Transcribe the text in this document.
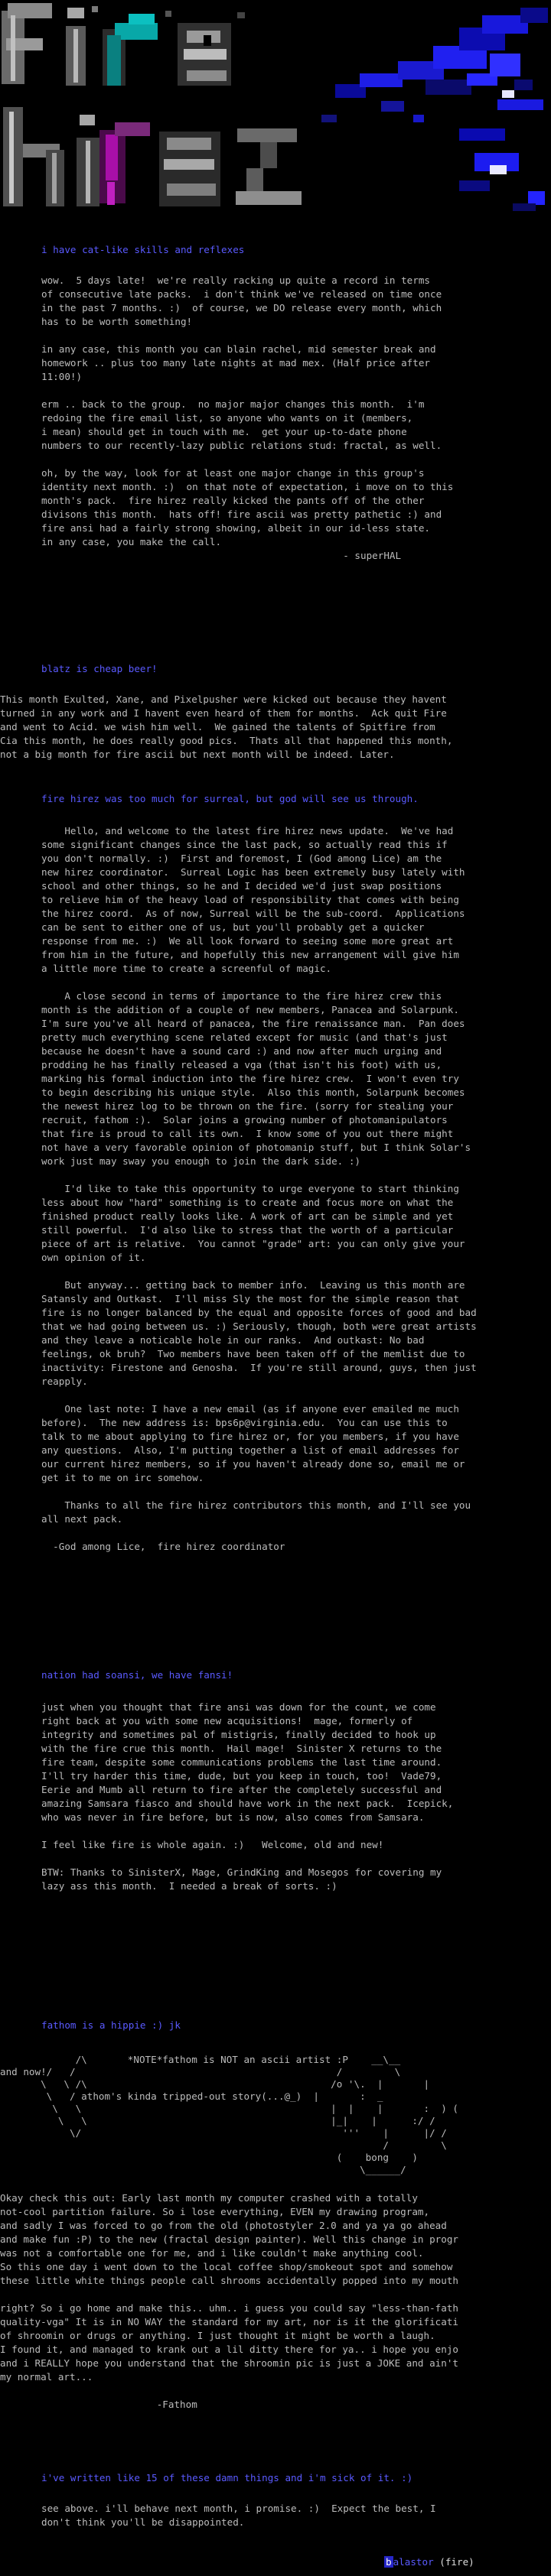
i have cat-like skills and reflexes
wow.  5 days late!  we're really racking up quite a record in terms
of consecutive late packs.  i don't think we've released on time once
in the past 7 months. :)  of course, we DO release every month, which
has to be worth something!

in any case, this month you can blain rachel, mid semester break and
homework .. plus too many late nights at mad mex. (Half price after
11:00!)

erm .. back to the group.  no major major changes this month.  i'm
redoing the fire email list, so anyone who wants on it (members,
i mean) should get in touch with me.  get your up-to-date phone
numbers to our recently-lazy public relations stud: fractal, as well.

oh, by the way, look for at least one major change in this group's
identity next month. :)  on that note of expectation, i move on to this
month's pack.  fire hirez really kicked the pants off of the other
divisons this month.  hats off! fire ascii was pretty pathetic :) and
fire ansi had a fairly strong showing, albeit in our id-less state.
in any case, you make the call.
- superHAL
blatz is cheap beer!
This month Exulted, Xane, and Pixelpusher were kicked out because they havent
turned in any work and I havent even heard of them for months.  Ack quit Fire
and went to Acid. we wish him well.  We gained the talents of Spitfire from
Cia this month, he does really good pics.  Thats all that happened this month,
not a big month for fire ascii but next month will be indeed. Later.
fire hirez was too much for surreal, but god will see us through.
Hello, and welcome to the latest fire hirez news update.  We've had
some significant changes since the last pack, so actually read this if
you don't normally. :)  First and foremost, I (God among Lice) am the
new hirez coordinator.  Surreal Logic has been extremely busy lately with
school and other things, so he and I decided we'd just swap positions
to relieve him of the heavy load of responsibility that comes with being
the hirez coord.  As of now, Surreal will be the sub-coord.  Applications
can be sent to either one of us, but you'll probably get a quicker
response from me. :)  We all look forward to seeing some more great art
from him in the future, and hopefully this new arrangement will give him
a little more time to create a screenful of magic.

A close second in terms of importance to the fire hirez crew this
month is the addition of a couple of new members, Panacea and Solarpunk.
I'm sure you've all heard of panacea, the fire renaissance man.  Pan does
pretty much everything scene related except for music (and that's just
because he doesn't have a sound card :) and now after much urging and
prodding he has finally released a vga (that isn't his foot) with us,
marking his formal induction into the fire hirez crew.  I won't even try
to begin describing his unique style.  Also this month, Solarpunk becomes
the newest hirez log to be thrown on the fire. (sorry for stealing your
recruit, fathom :).  Solar joins a growing number of photomanipulators
that fire is proud to call its own.  I know some of you out there might
not have a very favorable opinion of photomanip stuff, but I think Solar's
work just may sway you enough to join the dark side. :)

I'd like to take this opportunity to urge everyone to start thinking
less about how "hard" something is to create and focus more on what the
finished product really looks like. A work of art can be simple and yet
still powerful.  I'd also like to stress that the worth of a particular
piece of art is relative.  You cannot "grade" art: you can only give your
own opinion of it.

But anyway... getting back to member info.  Leaving us this month are
Satansly and Outkast.  I'll miss Sly the most for the simple reason that
fire is no longer balanced by the equal and opposite forces of good and bad
that we had going between us. :) Seriously, though, both were great artists
and they leave a noticable hole in our ranks.  And outkast: No bad
feelings, ok bruh?  Two members have been taken off of the memlist due to
inactivity: Firestone and Genosha.  If you're still around, guys, then just
reapply.

One last note: I have a new email (as if anyone ever emailed me much
before).  The new address is: bps6p@virginia.edu.  You can use this to
talk to me about applying to fire hirez or, for you members, if you have
any questions.  Also, I'm putting together a list of email addresses for
our current hirez members, so if you haven't already done so, email me or
get it to me on irc somehow.

Thanks to all the fire hirez contributors this month, and I'll see you
all next pack.

-God among Lice,  fire hirez coordinator
nation had soansi, we have fansi!
just when you thought that fire ansi was down for the count, we come
right back at you with some new acquisitions!  mage, formerly of
integrity and sometimes pal of mistigris, finally decided to hook up
with the fire crue this month.  Hail mage!  Sinister X returns to the
fire team, despite some communications problems the last time around.
I'll try harder this time, dude, but you keep in touch, too!  Vade79,
Eerie and Mumb all return to fire after the completely successful and
amazing Samsara fiasco and should have work in the next pack.  Icepick,
who was never in fire before, but is now, also comes from Samsara.

I feel like fire is whole again. :)   Welcome, old and new!

BTW: Thanks to SinisterX, Mage, GrindKing and Mosegos for covering my
lazy ass this month.  I needed a break of sorts. :)
fathom is a hippie :) jk
/\       *NOTE*fathom is NOT an ascii artist :P    __\__
and now!/   /                                             /         \
\   \ /\                                          /o '\.  |       |
\   / athom's kinda tripped-out story(...@_)  |       :  _
\   \                                           |  |    |       :  ) (
\   \                                          |_|    |      :/ /
\/                                             '''    |      |/ /
/         \
(    bong    )
\______/
Okay check this out: Early last month my computer crashed with a totally
not-cool partition failure. So i lose everything, EVEN my drawing program,
and sadly I was forced to go from the old (photostyler 2.0 and ya ya go ahead
and make fun :P) to the new (fractal design painter). Well this change in progr
was not a comfortable one for me, and i like couldn't make anything cool.
So this one day i went down to the local coffee shop/smokeout spot and somehow
these little white things people call shrooms accidentally popped into my mouth

right? So i go home and make this.. uhm.. i guess you could say "less-than-fath
quality-vga" It is in NO WAY the standard for my art, nor is it the glorificati
of shroomin or drugs or anything. I just thought it might be worth a laugh.
I found it, and managed to krank out a lil ditty there for ya.. i hope you enjo
and i REALLY hope you understand that the shroomin pic is just a JOKE and ain't
my normal art...

-Fathom
i've written like 15 of these damn things and i'm sick of it. :)
see above. i'll behave next month, i promise. :)  Expect the best, I
don't think you'll be disappointed.
b alastor (fire)
